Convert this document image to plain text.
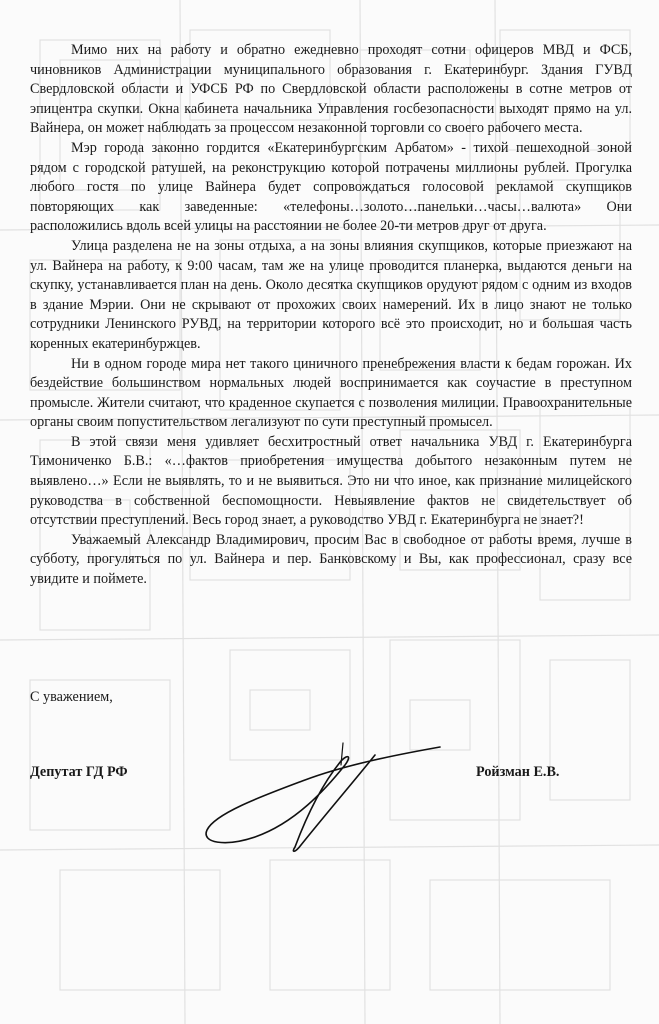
Мимо них на работу и обратно ежедневно проходят сотни офицеров МВД и ФСБ, чиновников Администрации муниципального образования г. Екатеринбург. Здания ГУВД Свердловской области и УФСБ РФ по Свердловской области расположены в сотне метров от эпицентра скупки. Окна кабинета начальника Управления госбезопасности выходят прямо на ул. Вайнера, он может наблюдать за процессом незаконной торговли со своего рабочего места.

Мэр города законно гордится «Екатеринбургским Арбатом» - тихой пешеходной зоной рядом с городской ратушей, на реконструкцию которой потрачены миллионы рублей. Прогулка любого гостя по улице Вайнера будет сопровождаться голосовой рекламой скупщиков повторяющих как заведенные: «телефоны…золото…панельки…часы…валюта» Они расположились вдоль всей улицы на расстоянии не более 20-ти метров друг от друга.

Улица разделена не на зоны отдыха, а на зоны влияния скупщиков, которые приезжают на ул. Вайнера на работу, к 9:00 часам, там же на улице проводится планерка, выдаются деньги на скупку, устанавливается план на день. Около десятка скупщиков орудуют рядом с одним из входов в здание Мэрии. Они не скрывают от прохожих своих намерений. Их в лицо знают не только сотрудники Ленинского РУВД, на территории которого всё это происходит, но и большая часть коренных екатеринбуржцев.

Ни в одном городе мира нет такого циничного пренебрежения власти к бедам горожан. Их бездействие большинством нормальных людей воспринимается как соучастие в преступном промысле. Жители считают, что краденное скупается с позволения милиции. Правоохранительные органы своим попустительством легализуют по сути преступный промысел.

В этой связи меня удивляет бесхитростный ответ начальника УВД г. Екатеринбурга Тимониченко Б.В.: «…фактов приобретения имущества добытого незаконным путем не выявлено…» Если не выявлять, то и не выявиться. Это ни что иное, как признание милицейского руководства в собственной беспомощности. Невыявление фактов не свидетельствует об отсутствии преступлений. Весь город знает, а руководство УВД г. Екатеринбурга не знает?!

Уважаемый Александр Владимирович, просим Вас в свободное от работы время, лучше в субботу, прогуляться по ул. Вайнера и пер. Банковскому и Вы, как профессионал, сразу все увидите и поймете.

С уважением,

Депутат ГД РФ	Ройзман Е.В.
